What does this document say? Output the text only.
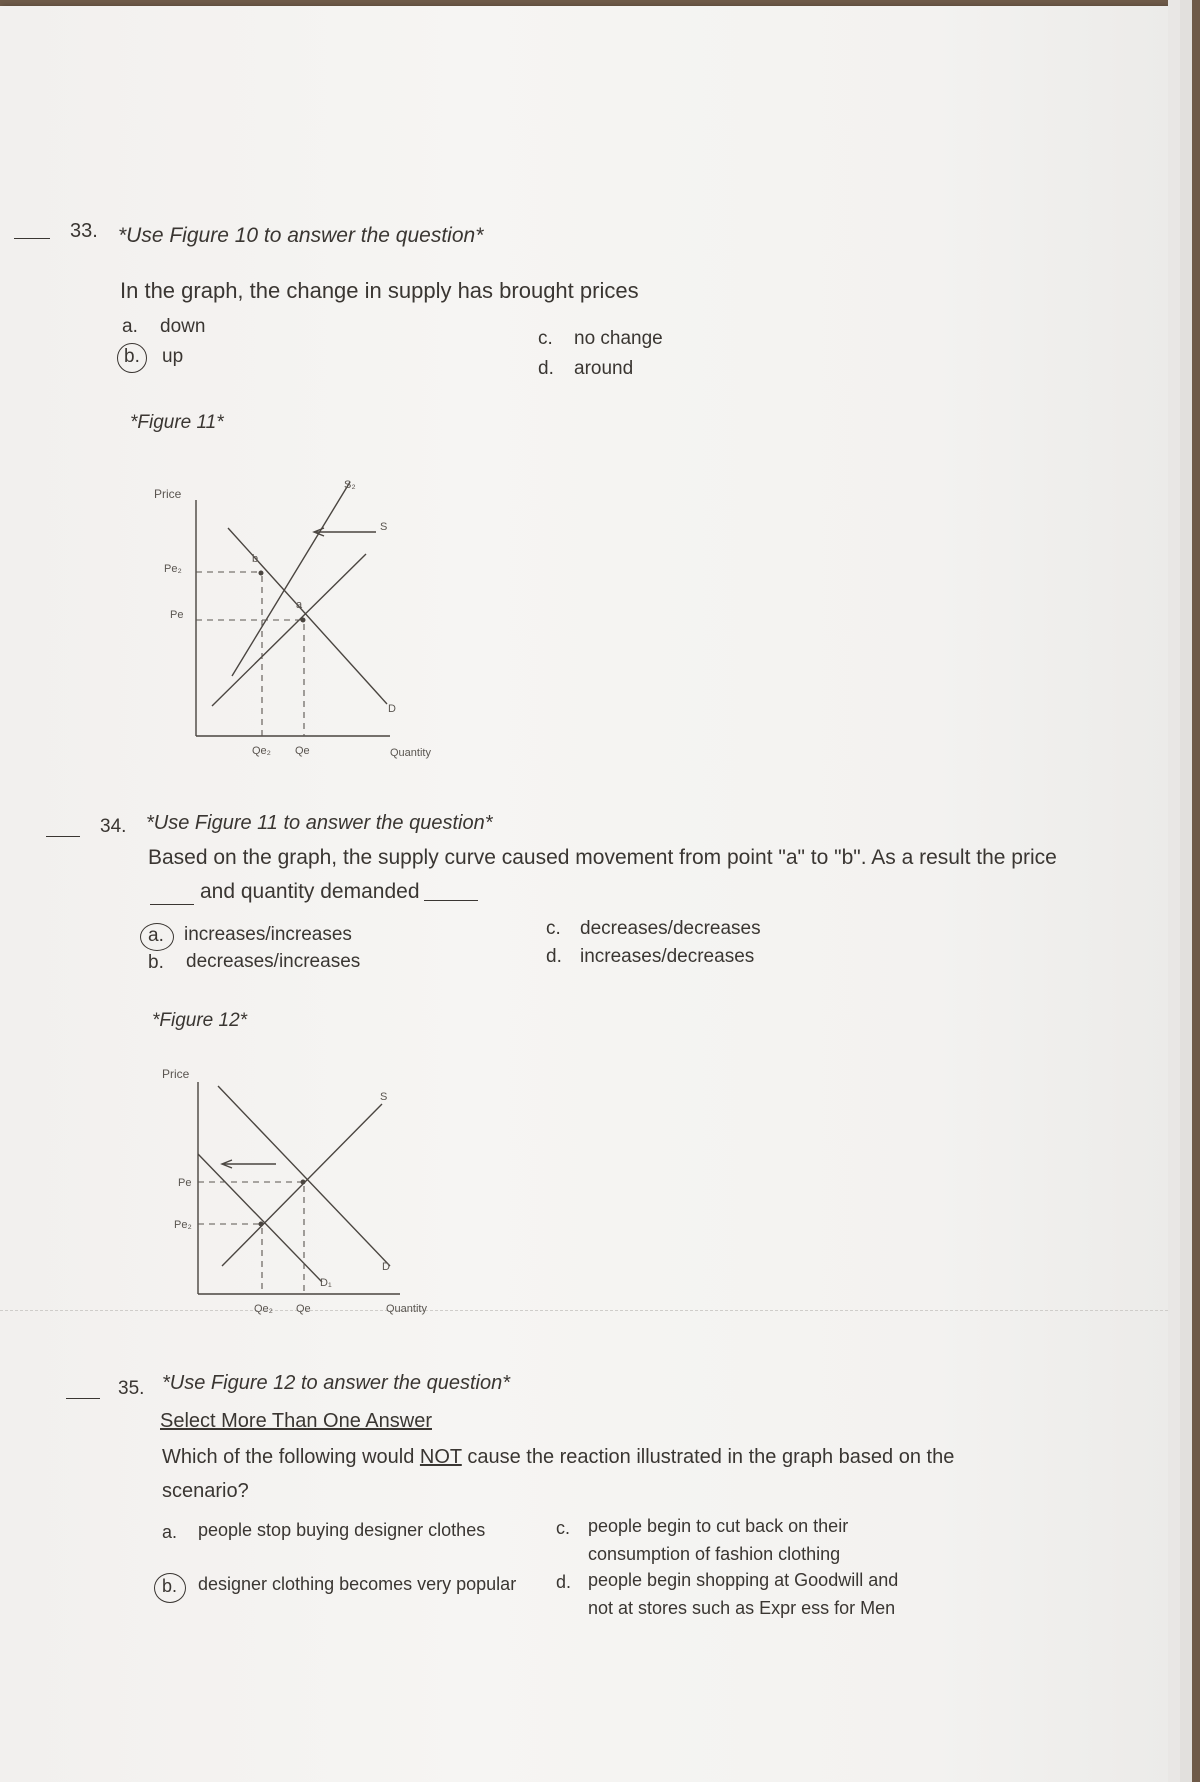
33. *Use Figure 10 to answer the question*
In the graph, the change in supply has brought prices
a. down
b. up
c. no change
d. around
*Figure 11*
Price
Pe₂
Pe
b
a
S₂
S
D
Qe₂ Qe	Quantity
34. *Use Figure 11 to answer the question*
Based on the graph, the supply curve caused movement from point "a" to "b". As a result the price
and quantity demanded
a. increases/increases
b. decreases/increases
c. decreases/decreases
d. increases/decreases
*Figure 12*
Price
Pe
Pe₂
S
D
D₁
Qe₂ Qe	Quantity
35. *Use Figure 12 to answer the question*
Select More Than One Answer
Which of the following would NOT cause the reaction illustrated in the graph based on the
scenario?
a. people stop buying designer clothes
b. designer clothing becomes very popular
c. people begin to cut back on their
consumption of fashion clothing
d. people begin shopping at Goodwill and
not at stores such as Expr ess for Men
